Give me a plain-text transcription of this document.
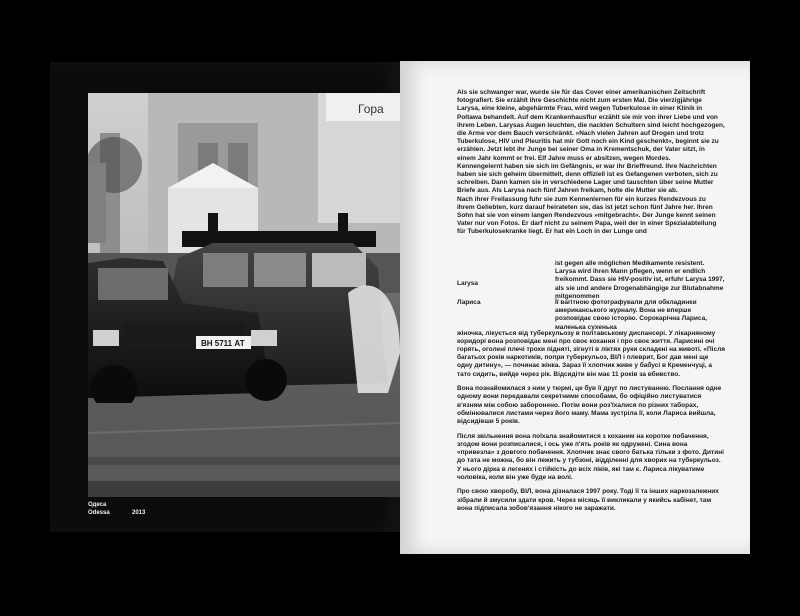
Гора
ВН 5711 АТ
Одеса
Odessa	2013

Als sie schwanger war, wurde sie für das Cover einer amerikanischen Zeitschrift fotografiert. Sie erzählt ihre Geschichte nicht zum ersten Mal. Die vierzigjährige Larysa, eine kleine, abgehärmte Frau, wird wegen Tuberkulose in einer Klinik in Poltawa behandelt. Auf dem Krankenhausflur erzählt sie mir von ihrer Liebe und von ihrem Leben. Larysas Augen leuchten, die nackten Schultern sind leicht hochgezogen, die Arme vor dem Bauch verschränkt. »Nach vielen Jahren auf Drogen und trotz Tuberkulose, HIV und Pleuritis hat mir Gott noch ein Kind geschenkt«, beginnt sie zu erzählen. Jetzt lebt ihr Junge bei seiner Oma in Krementschuk, der Vater sitzt, in einem Jahr kommt er frei. Elf Jahre muss er absitzen, wegen Mordes.

Kennengelernt haben sie sich im Gefängnis, er war ihr Brieffreund. Ihre Nachrichten haben sie sich geheim übermittelt, denn offiziell ist es Gefangenen verboten, sich zu schreiben. Dann kamen sie in verschiedene Lager und tauschten über seine Mutter Briefe aus. Als Larysa nach fünf Jahren freikam, holte die Mutter sie ab.

Nach ihrer Freilassung fuhr sie zum Kennenlernen für ein kurzes Rendezvous zu ihrem Geliebten, kurz darauf heirateten sie, das ist jetzt schon fünf Jahre her. Ihren Sohn hat sie von einem langen Rendezvous »mitgebracht«. Der Junge kennt seinen Vater nur von Fotos. Er darf nicht zu seinem Papa, weil der in einer Spezialabteilung für Tuberkulosekranke liegt. Er hat ein Loch in der Lunge und

ist gegen alle möglichen Medikamente resistent. Larysa wird ihren Mann pflegen, wenn er endlich freikommt. Dass sie HIV-positiv ist, erfuhr Larysa 1997, als sie und andere Drogenabhängige zur Blutabnahme mitgenommen
Larysa
Лариса	Її вагітною фотографували для обкладинки американського журналу. Вона не вперше розповідає свою історію. Сорокарічна Лариса, маленька сухенька

жіночка, лікується від туберкульозу в полтавському диспансері. У лікарняному коридорі вона розповідає мені про своє кохання і про своє життя. Ларисині очі горять, оголені плечі трохи підняті, зігнуті в ліктях руки складені на животі. «Після багатьох років наркотиків, попри туберкульоз, ВІЛ і плеврит, Бог дав мені ще одну дитину», — починає жінка. Зараз її хлопчик живе у бабусі в Кременчуці, а тато сидить, вийде через рік. Відсидіти він має 11 років за вбивство.

Вона познайомилася з ним у тюрмі, це був її друг по листуванню. Послання одне одному вони передавали секретними способами, бо офіційно листуватися в'язням між собою заборонено. Потім вони роз'їхалися по різних таборах, обмінювалися листами через його маму. Мама зустріла її, коли Лариса вийшла, відсидівши 5 років.

Після звільнення вона поїхала знайомитися з коханим на коротке побачення, згодом вони розписалися, і ось уже п'ять років як одружені. Сина вона «привезла» з довгого побачення. Хлопчик знає свого батька тільки з фото. Дитині до тата не можна, бо він лежить у тубзоні, відділенні для хворих на туберкульоз. У нього дірка в легенях і стійкість до всіх ліків, які там є. Лариса лікуватиме чоловіка, коли він уже буде на волі.

Про свою хворобу, ВІЛ, вона дізналася 1997 року. Тоді її та інших наркозалежних зібрали й змусили здати кров. Через місяць її викликали у якийсь кабінет, там вона підписала зобов'язання нікого не заражати.
